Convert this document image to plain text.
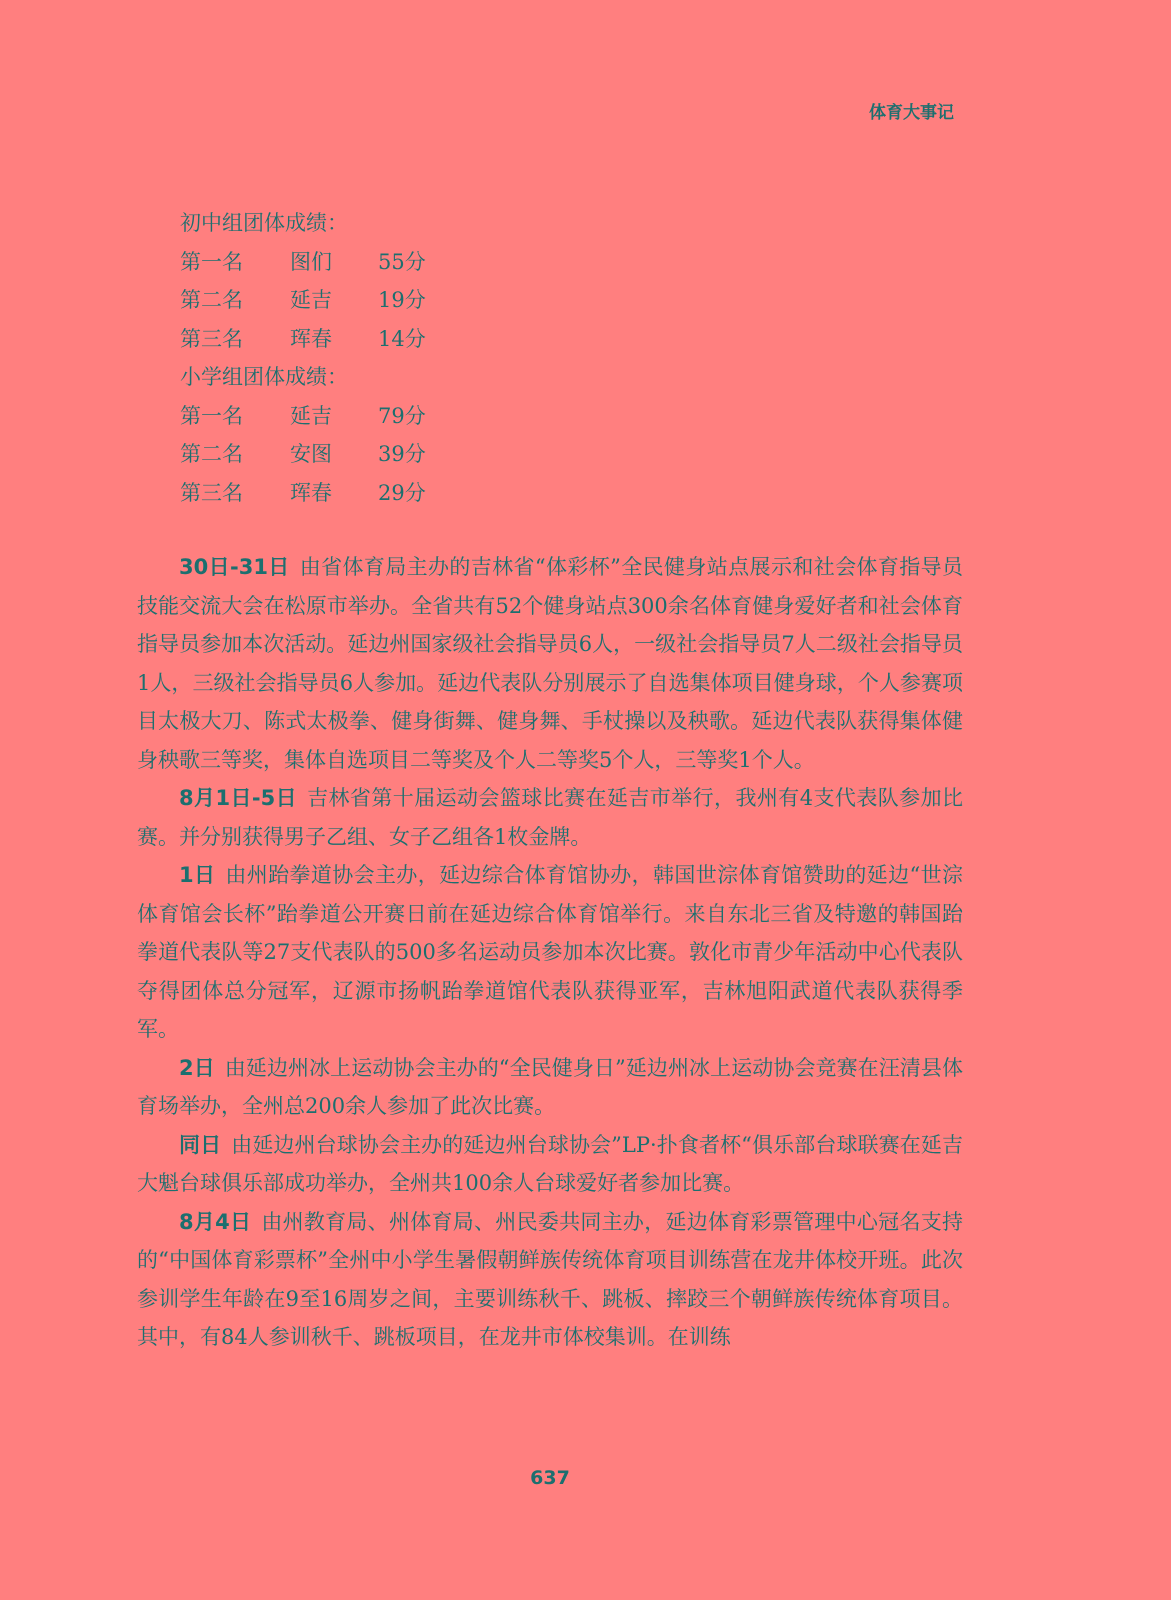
体育大事记
初中组团体成绩：
第一名	图们	55分
第二名	延吉	19分
第三名	珲春	14分
小学组团体成绩：
第一名	延吉	79分
第二名	安图	39分
第三名	珲春	29分

30日-31日 由省体育局主办的吉林省“体彩杯”全民健身站点展示和社会体育指导员技能交流大会在松原市举办。全省共有52个健身站点300余名体育健身爱好者和社会体育指导员参加本次活动。延边州国家级社会指导员6人，一级社会指导员7人二级社会指导员1人，三级社会指导员6人参加。延边代表队分别展示了自选集体项目健身球，个人参赛项目太极大刀、陈式太极拳、健身街舞、健身舞、手杖操以及秧歌。延边代表队获得集体健身秧歌三等奖，集体自选项目二等奖及个人二等奖5个人，三等奖1个人。

8月1日-5日 吉林省第十届运动会篮球比赛在延吉市举行，我州有4支代表队参加比赛。并分别获得男子乙组、女子乙组各1枚金牌。

1日 由州跆拳道协会主办，延边综合体育馆协办，韩国世淙体育馆赞助的延边“世淙体育馆会长杯”跆拳道公开赛日前在延边综合体育馆举行。来自东北三省及特邀的韩国跆拳道代表队等27支代表队的500多名运动员参加本次比赛。敦化市青少年活动中心代表队夺得团体总分冠军，辽源市扬帆跆拳道馆代表队获得亚军，吉林旭阳武道代表队获得季军。

2日 由延边州冰上运动协会主办的“全民健身日”延边州冰上运动协会竞赛在汪清县体育场举办，全州总200余人参加了此次比赛。

同日 由延边州台球协会主办的延边州台球协会”LP·扑食者杯“俱乐部台球联赛在延吉大魁台球俱乐部成功举办，全州共100余人台球爱好者参加比赛。

8月4日 由州教育局、州体育局、州民委共同主办，延边体育彩票管理中心冠名支持的“中国体育彩票杯”全州中小学生暑假朝鲜族传统体育项目训练营在龙井体校开班。此次参训学生年龄在9至16周岁之间，主要训练秋千、跳板、摔跤三个朝鲜族传统体育项目。其中，有84人参训秋千、跳板项目，在龙井市体校集训。在训练

637
